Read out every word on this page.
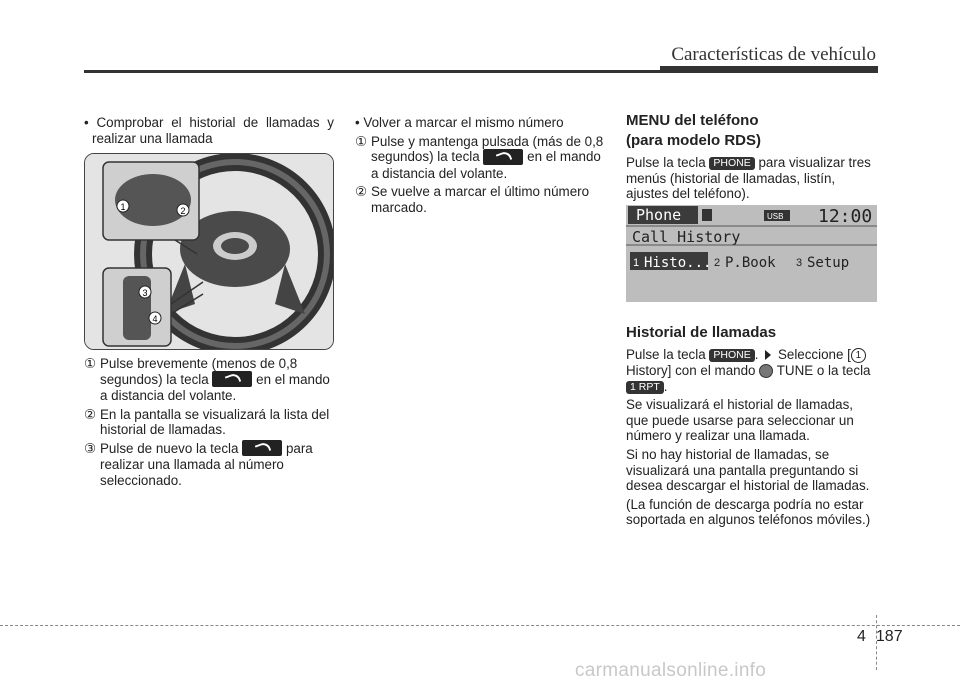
Características de vehículo

• Comprobar el historial de llamadas y realizar una llamada

1	2
3
4

① Pulse brevemente (menos de 0,8 segundos) la tecla	en el mando a distancia del volante.

② En la pantalla se visualizará la lista del historial de llamadas.

③ Pulse de nuevo la tecla	para realizar una llamada al número seleccionado.

• Volver a marcar el mismo número

① Pulse y mantenga pulsada (más de 0,8 segundos) la tecla	en el mando a distancia del volante.

② Se vuelve a marcar el último número marcado.

MENU del teléfono
(para modelo RDS)

Pulse la tecla PHONE para visualizar tres menús (historial de llamadas, listín, ajustes del teléfono).

Phone	USB 12:00
Call History
1 Histo... 2 P.Book 3 Setup
Historial de llamadas

Pulse la tecla PHONE . Seleccione [ 1 History] con el mando TUNE o la tecla 1 RPT .

Se visualizará el historial de llamadas, que puede usarse para seleccionar un número y realizar una llamada.

Si no hay historial de llamadas, se visualizará una pantalla preguntando si desea descargar el historial de llamadas.

(La función de descarga podría no estar soportada en algunos teléfonos móviles.)

4 187
carmanualsonline.info
